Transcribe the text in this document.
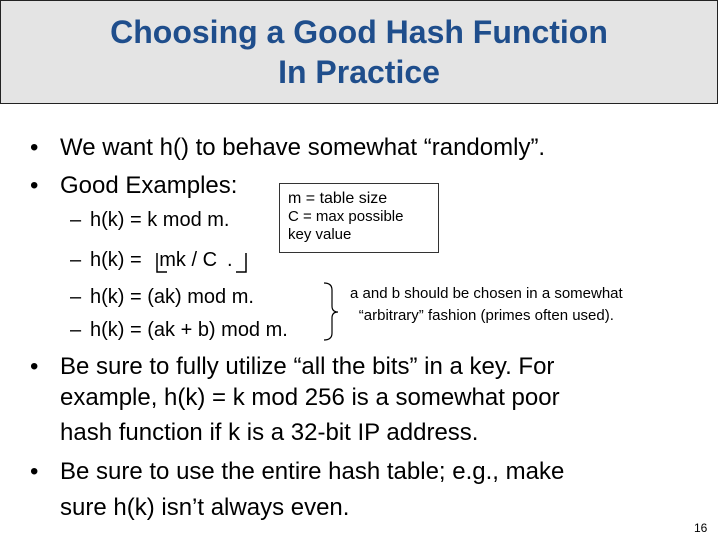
Choosing a Good Hash Function
In Practice
• We want h() to behave somewhat “randomly”.
• Good Examples:	m = table size
C = max possible
key value
– h(k) = k mod m.
– h(k) = mk / C .
– h(k) = (ak) mod m.
– h(k) = (ak + b) mod m.
a and b should be chosen in a somewhat
“arbitrary” fashion (primes often used).
• Be sure to fully utilize “all the bits” in a key. For
example, h(k) = k mod 256 is a somewhat poor
hash function if k is a 32-bit IP address.
• Be sure to use the entire hash table; e.g., make
sure h(k) isn’t always even.
16
